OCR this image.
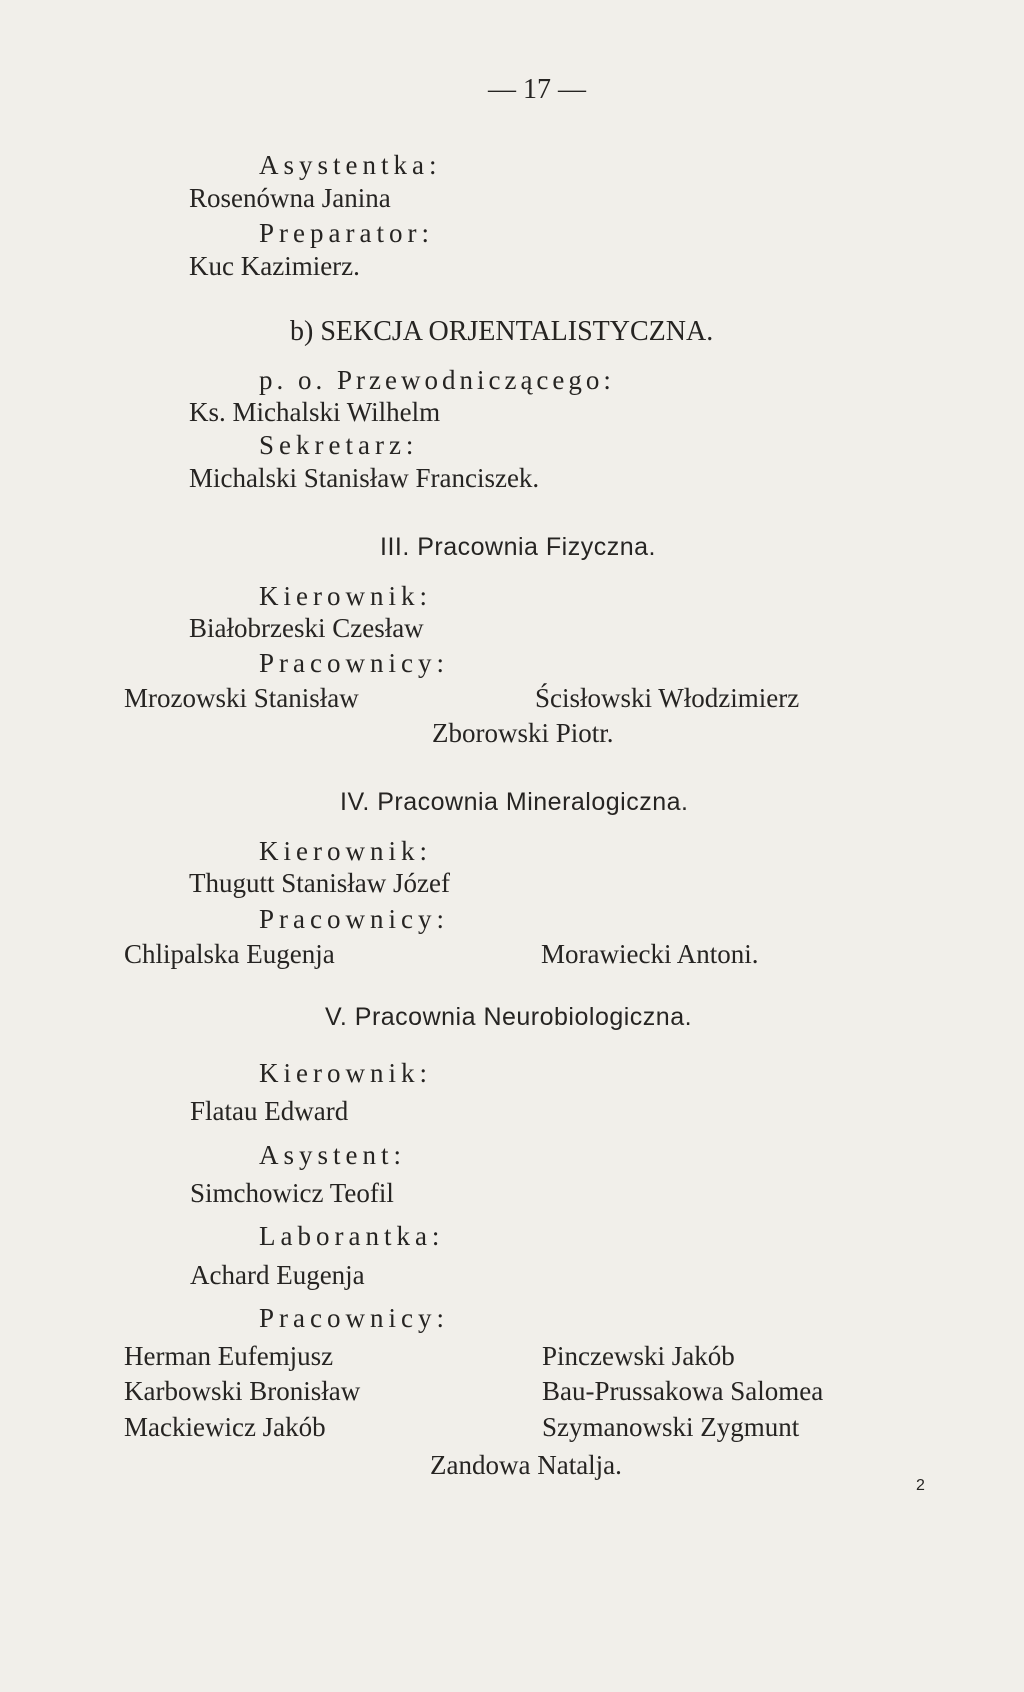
— 17 —
Asystentka:
Rosenówna Janina
Preparator:
Kuc Kazimierz.
b) SEKCJA ORJENTALISTYCZNA.
p. o. Przewodniczącego:
Ks. Michalski Wilhelm
Sekretarz:
Michalski Stanisław Franciszek.
III. Pracownia Fizyczna.
Kierownik:
Białobrzeski Czesław
Pracownicy:
Mrozowski Stanisław	Ścisłowski Włodzimierz
Zborowski Piotr.
IV. Pracownia Mineralogiczna.
Kierownik:
Thugutt Stanisław Józef
Pracownicy:
Chlipalska Eugenja	Morawiecki Antoni.
V. Pracownia Neurobiologiczna.
Kierownik:
Flatau Edward
Asystent:
Simchowicz Teofil
Laborantka:
Achard Eugenja
Pracownicy:
Herman Eufemjusz
Karbowski Bronisław
Mackiewicz Jakób
Pinczewski Jakób
Bau-Prussakowa Salomea
Szymanowski Zygmunt
Zandowa Natalja.
2
